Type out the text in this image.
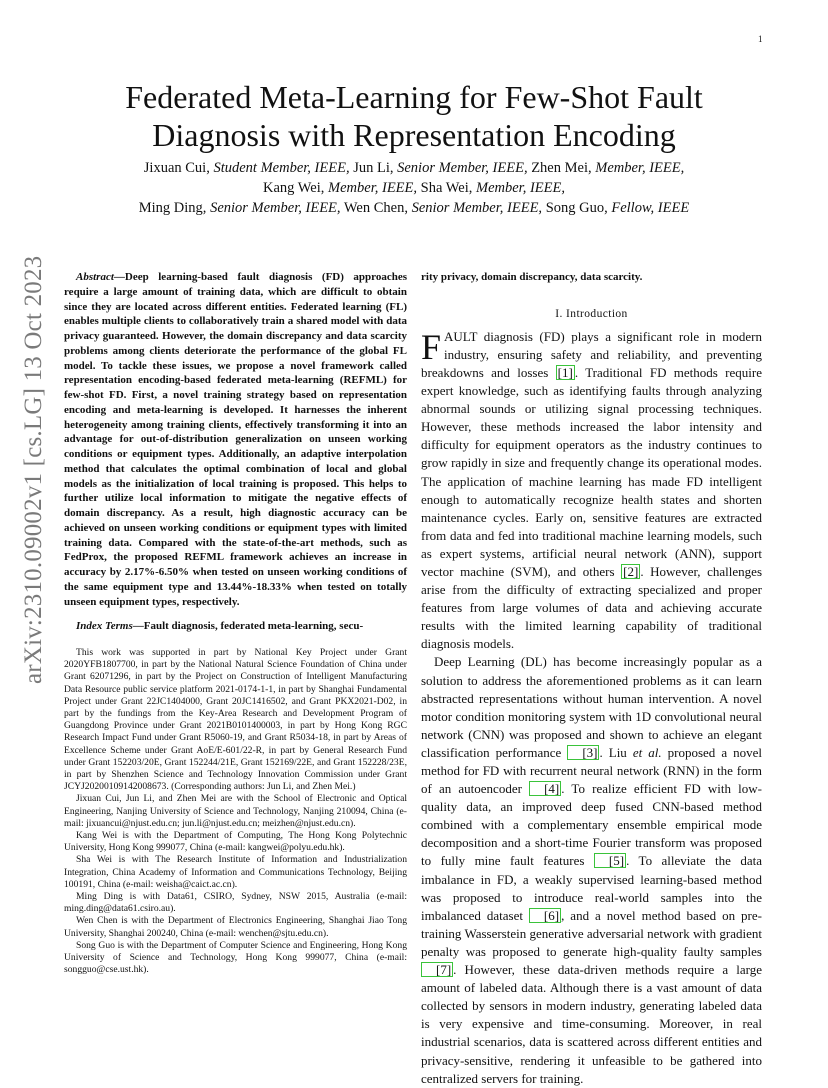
1
arXiv:2310.09002v1 [cs.LG] 13 Oct 2023
Federated Meta-Learning for Few-Shot Fault Diagnosis with Representation Encoding
Jixuan Cui, Student Member, IEEE, Jun Li, Senior Member, IEEE, Zhen Mei, Member, IEEE,
Kang Wei, Member, IEEE, Sha Wei, Member, IEEE,
Ming Ding, Senior Member, IEEE, Wen Chen, Senior Member, IEEE, Song Guo, Fellow, IEEE

Abstract—Deep learning-based fault diagnosis (FD) approaches require a large amount of training data, which are difficult to obtain since they are located across different entities. Federated learning (FL) enables multiple clients to collaboratively train a shared model with data privacy guaranteed. However, the domain discrepancy and data scarcity problems among clients deteriorate the performance of the global FL model. To tackle these issues, we propose a novel framework called representation encoding-based federated meta-learning (REFML) for few-shot FD. First, a novel training strategy based on representation encoding and meta-learning is developed. It harnesses the inherent heterogeneity among training clients, effectively transforming it into an advantage for out-of-distribution generalization on unseen working conditions or equipment types. Additionally, an adaptive interpolation method that calculates the optimal combination of local and global models as the initialization of local training is proposed. This helps to further utilize local information to mitigate the negative effects of domain discrepancy. As a result, high diagnostic accuracy can be achieved on unseen working conditions or equipment types with limited training data. Compared with the state-of-the-art methods, such as FedProx, the proposed REFML framework achieves an increase in accuracy by 2.17%-6.50% when tested on unseen working conditions of the same equipment type and 13.44%-18.33% when tested on totally unseen equipment types, respectively.

Index Terms—Fault diagnosis, federated meta-learning, secu-

This work was supported in part by National Key Project under Grant 2020YFB1807700, in part by the National Natural Science Foundation of China under Grant 62071296, in part by the Project on Construction of Intelligent Manufacturing Data Resource public service platform 2021-0174-1-1, in part by Shanghai Fundamental Project under Grant 22JC1404000, Grant 20JC1416502, and Grant PKX2021-D02, in part by the fundings from the Key-Area Research and Development Program of Guangdong Province under Grant 2021B0101400003, in part by Hong Kong RGC Research Impact Fund under Grant R5060-19, and Grant R5034-18, in part by Areas of Excellence Scheme under Grant AoE/E-601/22-R, in part by General Research Fund under Grant 152203/20E, Grant 152244/21E, Grant 152169/22E, and Grant 152228/23E, in part by Shenzhen Science and Technology Innovation Commission under Grant JCYJ20200109142008673. (Corresponding authors: Jun Li, and Zhen Mei.)

Jixuan Cui, Jun Li, and Zhen Mei are with the School of Electronic and Optical Engineering, Nanjing University of Science and Technology, Nanjing 210094, China (e-mail: jixuancui@njust.edu.cn; jun.li@njust.edu.cn; meizhen@njust.edu.cn).

Kang Wei is with the Department of Computing, The Hong Kong Polytechnic University, Hong Kong 999077, China (e-mail: kangwei@polyu.edu.hk).

Sha Wei is with The Research Institute of Information and Industrialization Integration, China Academy of Information and Communications Technology, Beijing 100191, China (e-mail: weisha@caict.ac.cn).

Ming Ding is with Data61, CSIRO, Sydney, NSW 2015, Australia (e-mail: ming.ding@data61.csiro.au).

Wen Chen is with the Department of Electronics Engineering, Shanghai Jiao Tong University, Shanghai 200240, China (e-mail: wenchen@sjtu.edu.cn).

Song Guo is with the Department of Computer Science and Engineering, Hong Kong University of Science and Technology, Hong Kong 999077, China (e-mail: songguo@cse.ust.hk).

rity privacy, domain discrepancy, data scarcity.

I. Introduction

FAULT diagnosis (FD) plays a significant role in modern industry, ensuring safety and reliability, and preventing breakdowns and losses [1] . Traditional FD methods require expert knowledge, such as identifying faults through analyzing abnormal sounds or utilizing signal processing techniques. However, these methods increased the labor intensity and difficulty for equipment operators as the industry continues to grow rapidly in size and frequently change its operational modes. The application of machine learning has made FD intelligent enough to automatically recognize health states and shorten maintenance cycles. Early on, sensitive features are extracted from data and fed into traditional machine learning models, such as expert systems, artificial neural network (ANN), support vector machine (SVM), and others [2] . However, challenges arise from the difficulty of extracting specialized and proper features from large volumes of data and achieving accurate results with the limited learning capability of traditional diagnosis models.

Deep Learning (DL) has become increasingly popular as a solution to address the aforementioned problems as it can learn abstracted representations without human intervention. A novel motor condition monitoring system with 1D convolutional neural network (CNN) was proposed and shown to achieve an elegant classification performance [3] . Liu et al. proposed a novel method for FD with recurrent neural network (RNN) in the form of an autoencoder [4] . To realize efficient FD with low-quality data, an improved deep fused CNN-based method combined with a complementary ensemble empirical mode decomposition and a short-time Fourier transform was proposed to fully mine fault features [5] . To alleviate the data imbalance in FD, a weakly supervised learning-based method was proposed to introduce real-world samples into the imbalanced dataset [6] , and a novel method based on pre-training Wasserstein generative adversarial network with gradient penalty was proposed to generate high-quality faulty samples [7] . However, these data-driven methods require a large amount of labeled data. Although there is a vast amount of data collected by sensors in modern industry, generating labeled data is very expensive and time-consuming. Moreover, in real industrial scenarios, data is scattered across different entities and privacy-sensitive, rendering it unfeasible to be gathered into centralized servers for training.
